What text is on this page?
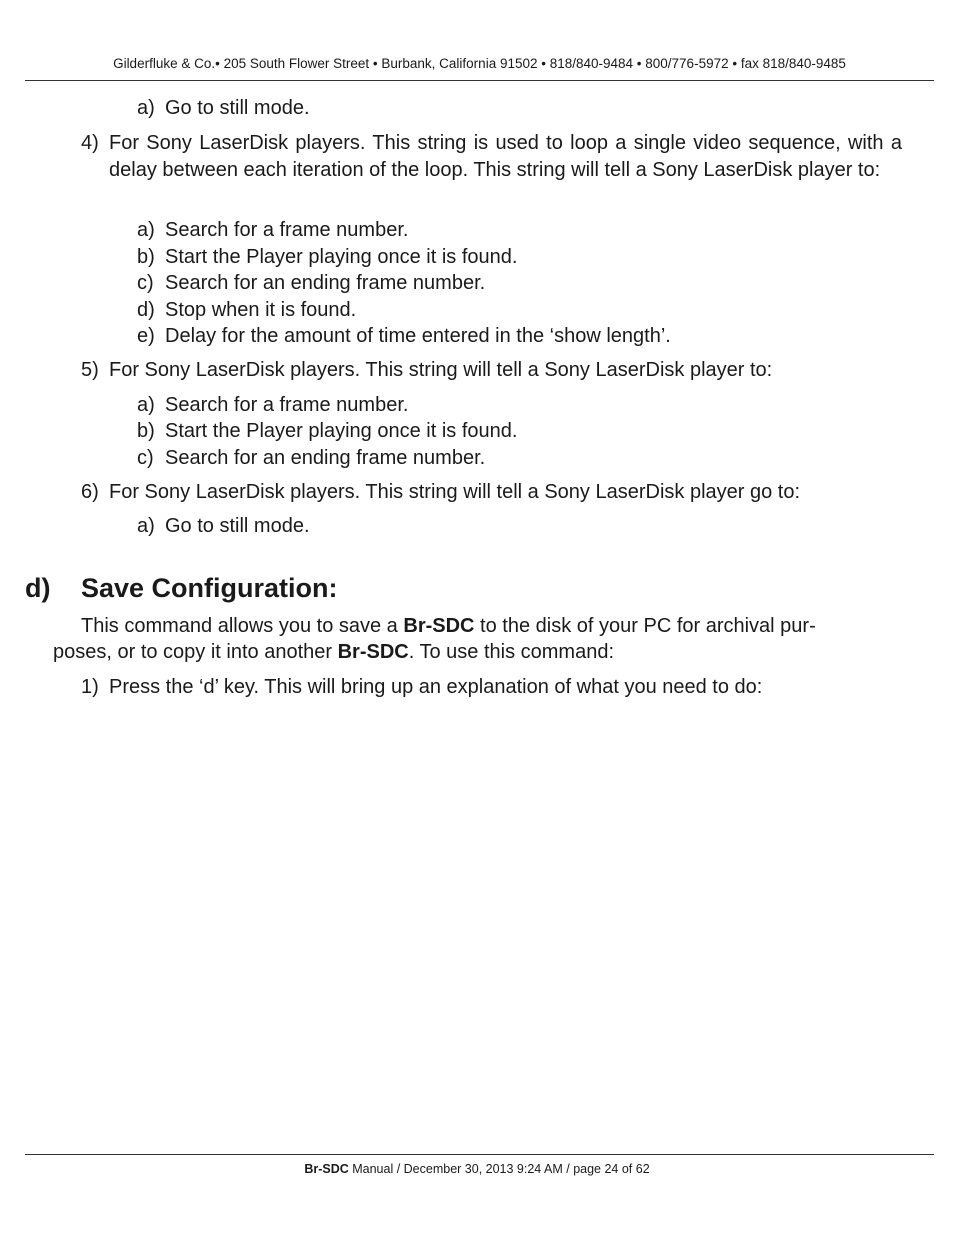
Gilderfluke & Co.• 205 South Flower Street • Burbank, California 91502 • 818/840-9484 • 800/776-5972 • fax 818/840-9485
a) Go to still mode.
4) For Sony LaserDisk players. This string is used to loop a single video sequence, with a delay between each iteration of the loop. This string will tell a Sony LaserDisk player to:
a) Search for a frame number.
b) Start the Player playing once it is found.
c) Search for an ending frame number.
d) Stop when it is found.
e) Delay for the amount of time entered in the ‘show length’.
5) For Sony LaserDisk players. This string will tell a Sony LaserDisk player to:
a) Search for a frame number.
b) Start the Player playing once it is found.
c) Search for an ending frame number.
6) For Sony LaserDisk players. This string will tell a Sony LaserDisk player go to:
a) Go to still mode.
d) Save Configuration:
This command allows you to save a Br-SDC to the disk of your PC for archival pur-
poses, or to copy it into another Br-SDC. To use this command:
1) Press the ‘d’ key. This will bring up an explanation of what you need to do:
Br-SDC Manual / December 30, 2013 9:24 AM / page 24 of 62
